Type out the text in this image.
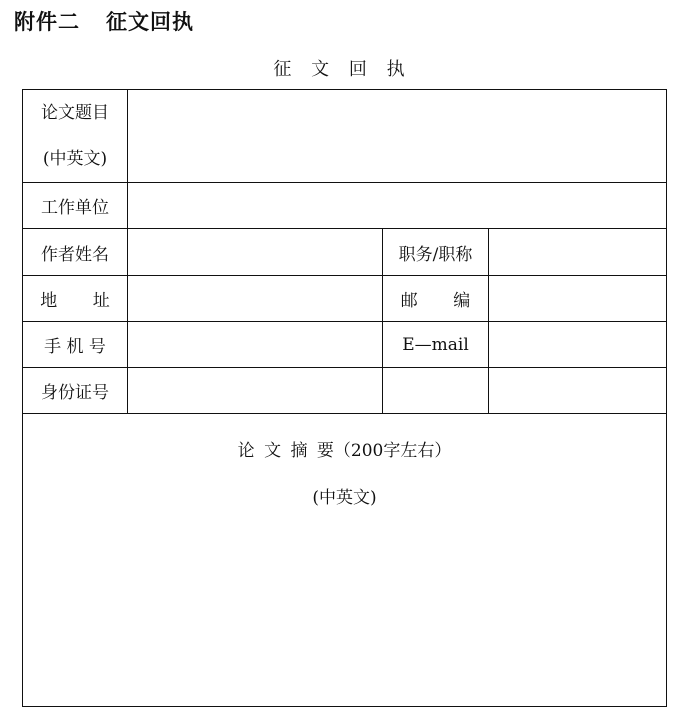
附件二 征文回执
征 文 回 执
论文题目
(中英文)			

工作单位			
作者姓名		职务/职称	
地 址		邮 编	
手 机 号		E—mail	
身份证号			

论 文 摘 要（200字左右）
(中英文)			
